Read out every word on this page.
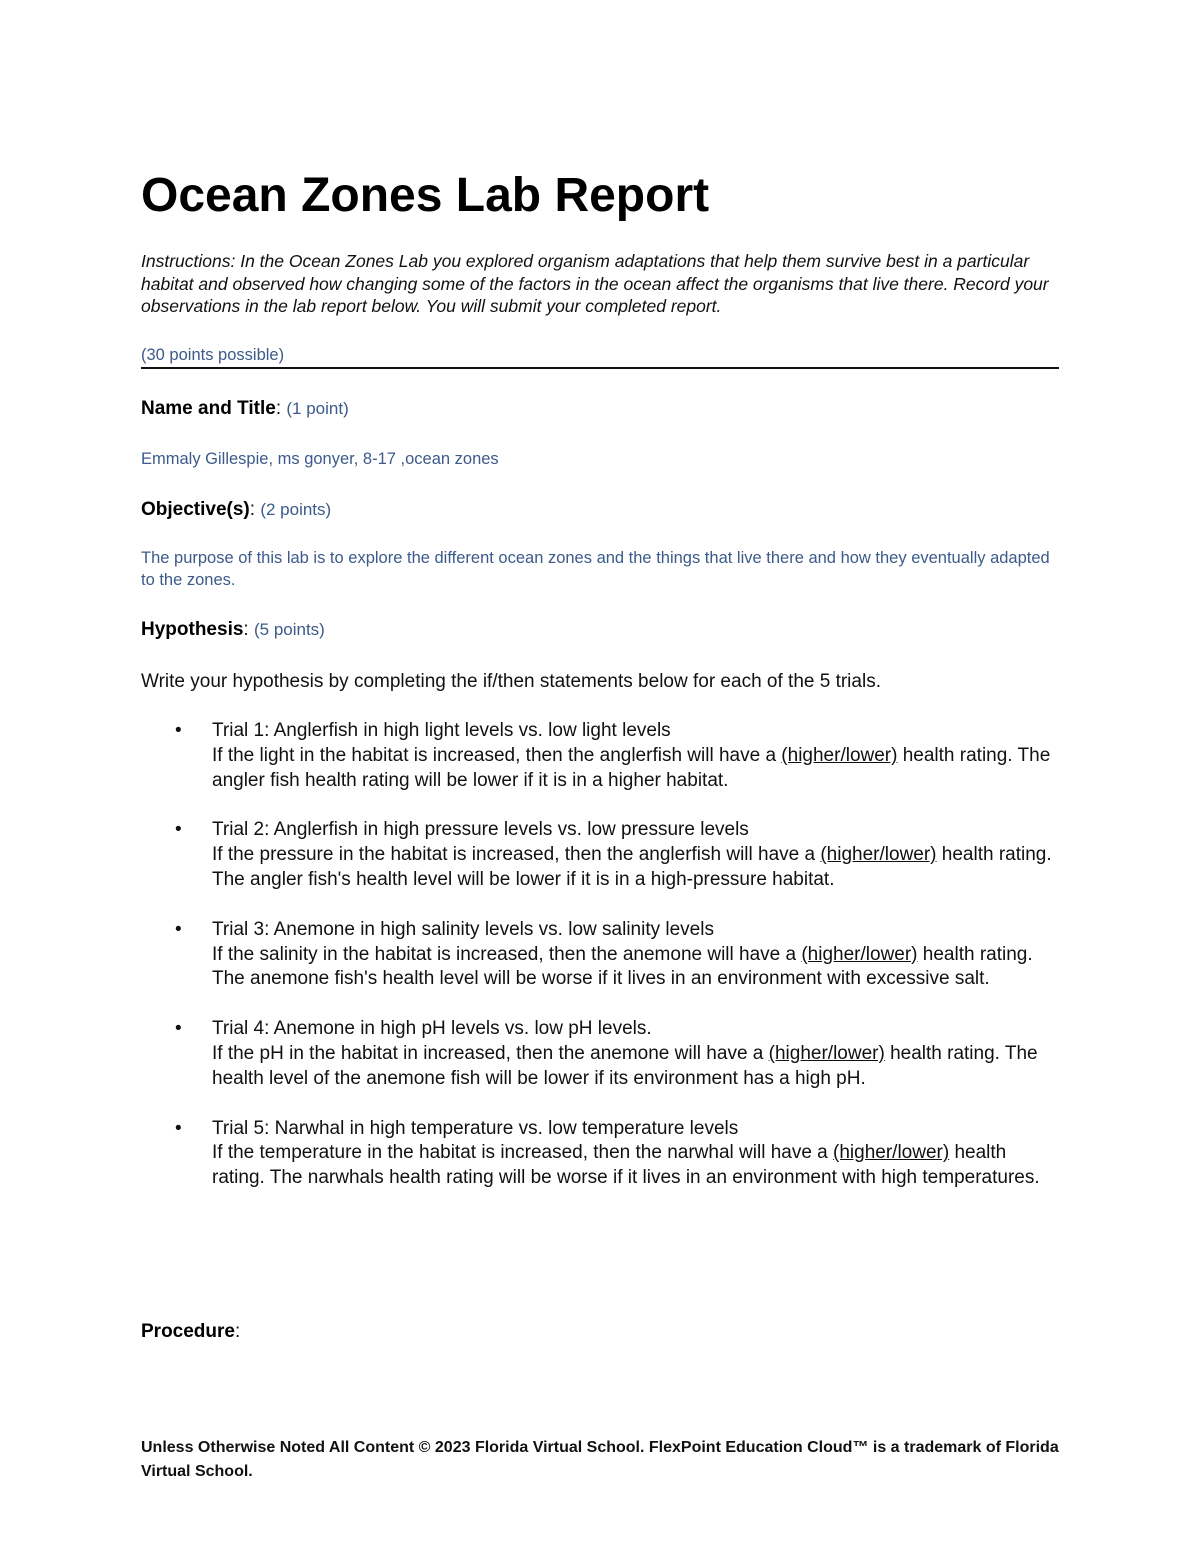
Ocean Zones Lab Report

Instructions: In the Ocean Zones Lab you explored organism adaptations that help them survive best in a particular habitat and observed how changing some of the factors in the ocean affect the organisms that live there. Record your observations in the lab report below. You will submit your completed report.

(30 points possible)
Name and Title: (1 point)

Emmaly Gillespie, ms gonyer, 8-17 ,ocean zones

Objective(s): (2 points)

The purpose of this lab is to explore the different ocean zones and the things that live there and how they eventually adapted to the zones.

Hypothesis: (5 points)

Write your hypothesis by completing the if/then statements below for each of the 5 trials.

• Trial 1: Anglerfish in high light levels vs. low light levels
If the light in the habitat is increased, then the anglerfish will have a (higher/lower) health rating. The angler fish health rating will be lower if it is in a higher habitat.
• Trial 2: Anglerfish in high pressure levels vs. low pressure levels
If the pressure in the habitat is increased, then the anglerfish will have a (higher/lower) health rating. The angler fish's health level will be lower if it is in a high-pressure habitat.
• Trial 3: Anemone in high salinity levels vs. low salinity levels
If the salinity in the habitat is increased, then the anemone will have a (higher/lower) health rating. The anemone fish's health level will be worse if it lives in an environment with excessive salt.
• Trial 4: Anemone in high pH levels vs. low pH levels.
If the pH in the habitat in increased, then the anemone will have a (higher/lower) health rating. The health level of the anemone fish will be lower if its environment has a high pH.
• Trial 5: Narwhal in high temperature vs. low temperature levels
If the temperature in the habitat is increased, then the narwhal will have a (higher/lower) health rating. The narwhals health rating will be worse if it lives in an environment with high temperatures.
Procedure:

Unless Otherwise Noted All Content © 2023 Florida Virtual School. FlexPoint Education Cloud™ is a trademark of Florida Virtual School.
